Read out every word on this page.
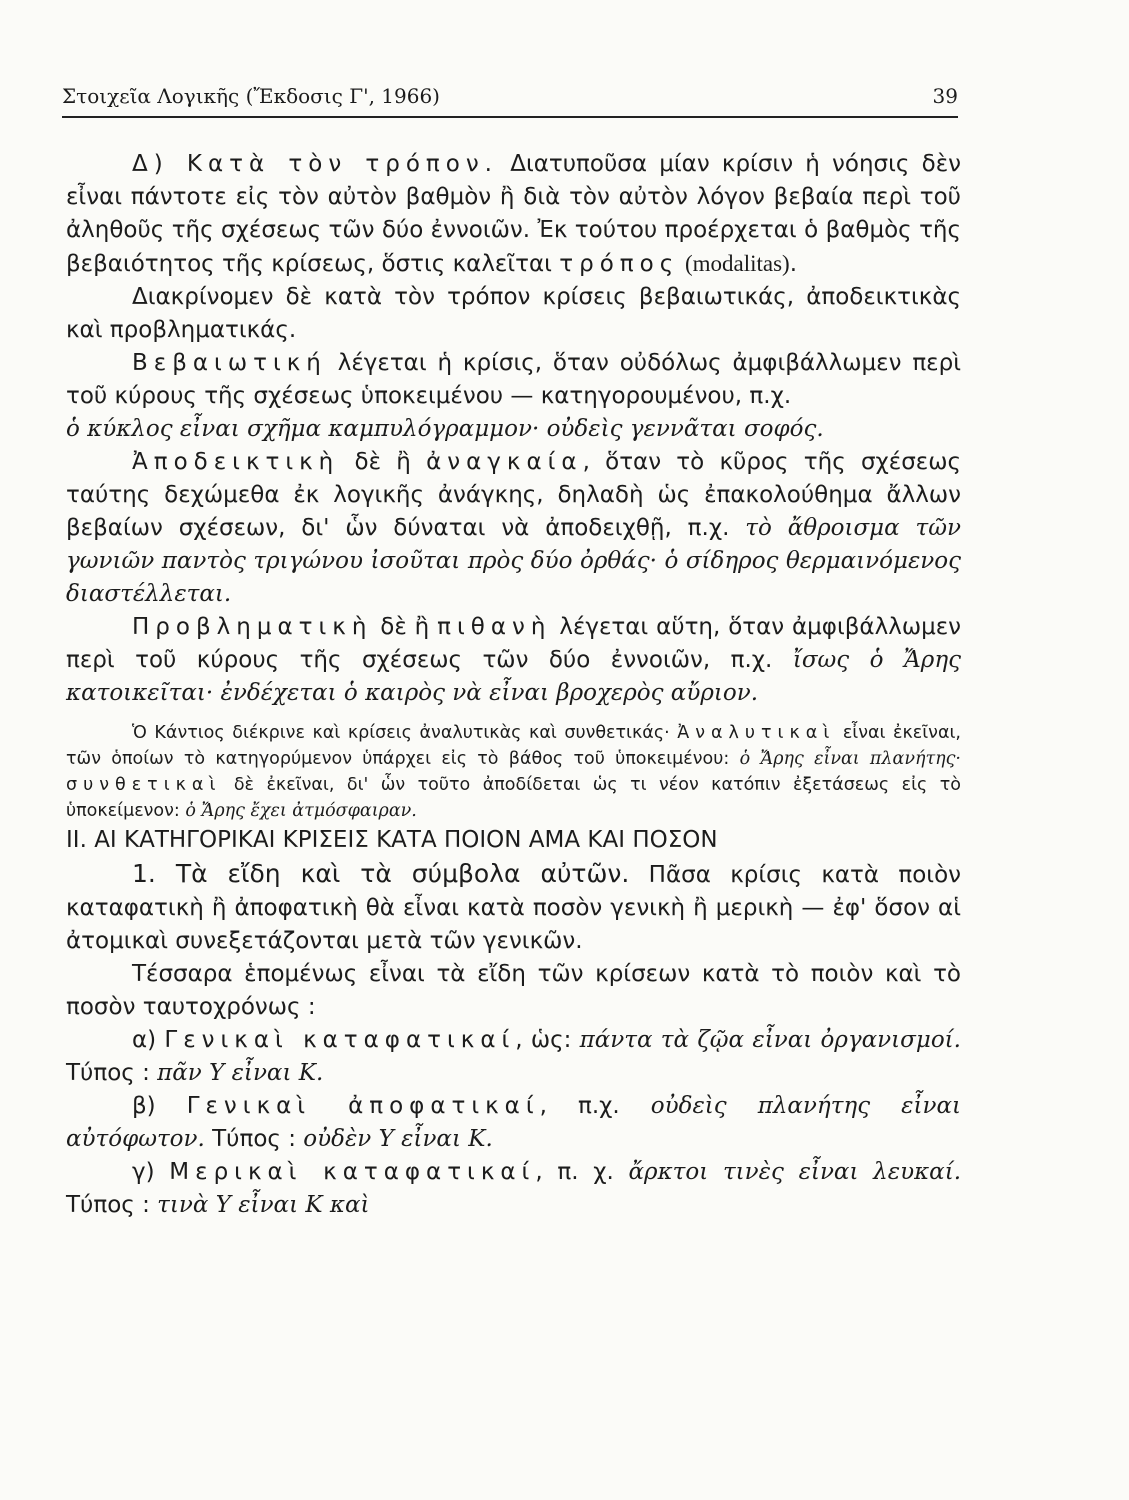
Στοιχεῖα Λογικῆς (Ἔκδοσις Γ', 1966)	39

Δ) Κατὰ τὸν τρόπον. Διατυποῦσα μίαν κρίσιν ἡ νόησις δὲν εἶναι πάντοτε εἰς τὸν αὐτὸν βαθμὸν ἢ διὰ τὸν αὐτὸν λόγον βεβαία περὶ τοῦ ἀληθοῦς τῆς σχέσεως τῶν δύο ἐννοιῶν. Ἐκ τούτου προέρχεται ὁ βαθμὸς τῆς βεβαιότητος τῆς κρίσεως, ὅστις καλεῖται τρόπος (modalitas).

Διακρίνομεν δὲ κατὰ τὸν τρόπον κρίσεις βεβαιωτικάς, ἀποδεικτικὰς καὶ προβληματικάς.

Βεβαιωτική λέγεται ἡ κρίσις, ὅταν οὐδόλως ἀμφιβάλλωμεν περὶ τοῦ κύρους τῆς σχέσεως ὑποκειμένου — κατηγορουμένου, π.χ.
ὁ κύκλος εἶναι σχῆμα καμπυλόγραμμον· οὐδεὶς γεννᾶται σοφός.

Ἀποδεικτικὴ δὲ ἢ ἀναγκαία, ὅταν τὸ κῦρος τῆς σχέσεως ταύτης δεχώμεθα ἐκ λογικῆς ἀνάγκης, δηλαδὴ ὡς ἐπακολούθημα ἄλλων βεβαίων σχέσεων, δι' ὧν δύναται νὰ ἀποδειχθῇ, π.χ. τὸ ἄθροισμα τῶν γωνιῶν παντὸς τριγώνου ἰσοῦται πρὸς δύο ὀρθάς· ὁ σίδηρος θερμαινόμενος διαστέλλεται.

Προβληματικὴ δὲ ἢ πιθανὴ λέγεται αὕτη, ὅταν ἀμφιβάλλωμεν περὶ τοῦ κύρους τῆς σχέσεως τῶν δύο ἐννοιῶν, π.χ. ἴσως ὁ Ἄρης κατοικεῖται· ἐνδέχεται ὁ καιρὸς νὰ εἶναι βροχερὸς αὔριον.

Ὁ Κάντιος διέκρινε καὶ κρίσεις ἀναλυτικὰς καὶ συνθετικάς· Ἀναλυτικαὶ εἶναι ἐκεῖναι, τῶν ὁποίων τὸ κατηγορύμενον ὑπάρχει εἰς τὸ βάθος τοῦ ὑποκειμένου: ὁ Ἄρης εἶναι πλανήτης· συνθετικαὶ δὲ ἐκεῖναι, δι' ὧν τοῦτο ἀποδίδεται ὡς τι νέον κατόπιν ἐξετάσεως εἰς τὸ ὑποκείμενον: ὁ Ἄρης ἔχει ἀτμόσφαιραν.

II. ΑΙ ΚΑΤΗΓΟΡΙΚΑΙ ΚΡΙΣΕΙΣ ΚΑΤΑ ΠΟΙΟΝ ΑΜΑ ΚΑΙ ΠΟΣΟΝ

1. Τὰ εἴδη καὶ τὰ σύμβολα αὐτῶν. Πᾶσα κρίσις κατὰ ποιὸν καταφατικὴ ἢ ἀποφατικὴ θὰ εἶναι κατὰ ποσὸν γενικὴ ἢ μερικὴ — ἐφ' ὅσον αἱ ἀτομικαὶ συνεξετάζονται μετὰ τῶν γενικῶν.

Τέσσαρα ἑπομένως εἶναι τὰ εἴδη τῶν κρίσεων κατὰ τὸ ποιὸν καὶ τὸ ποσὸν ταυτοχρόνως :

α) Γενικαὶ καταφατικαί, ὡς: πάντα τὰ ζῷα εἶναι ὀργανισμοί. Τύπος : πᾶν Υ εἶναι Κ.

β) Γενικαὶ ἀποφατικαί, π.χ. οὐδεὶς πλανήτης εἶναι αὐτόφωτον. Τύπος : οὐδὲν Υ εἶναι Κ.

γ) Μερικαὶ καταφατικαί, π. χ. ἄρκτοι τινὲς εἶναι λευκαί. Τύπος : τινὰ Υ εἶναι Κ καὶ
